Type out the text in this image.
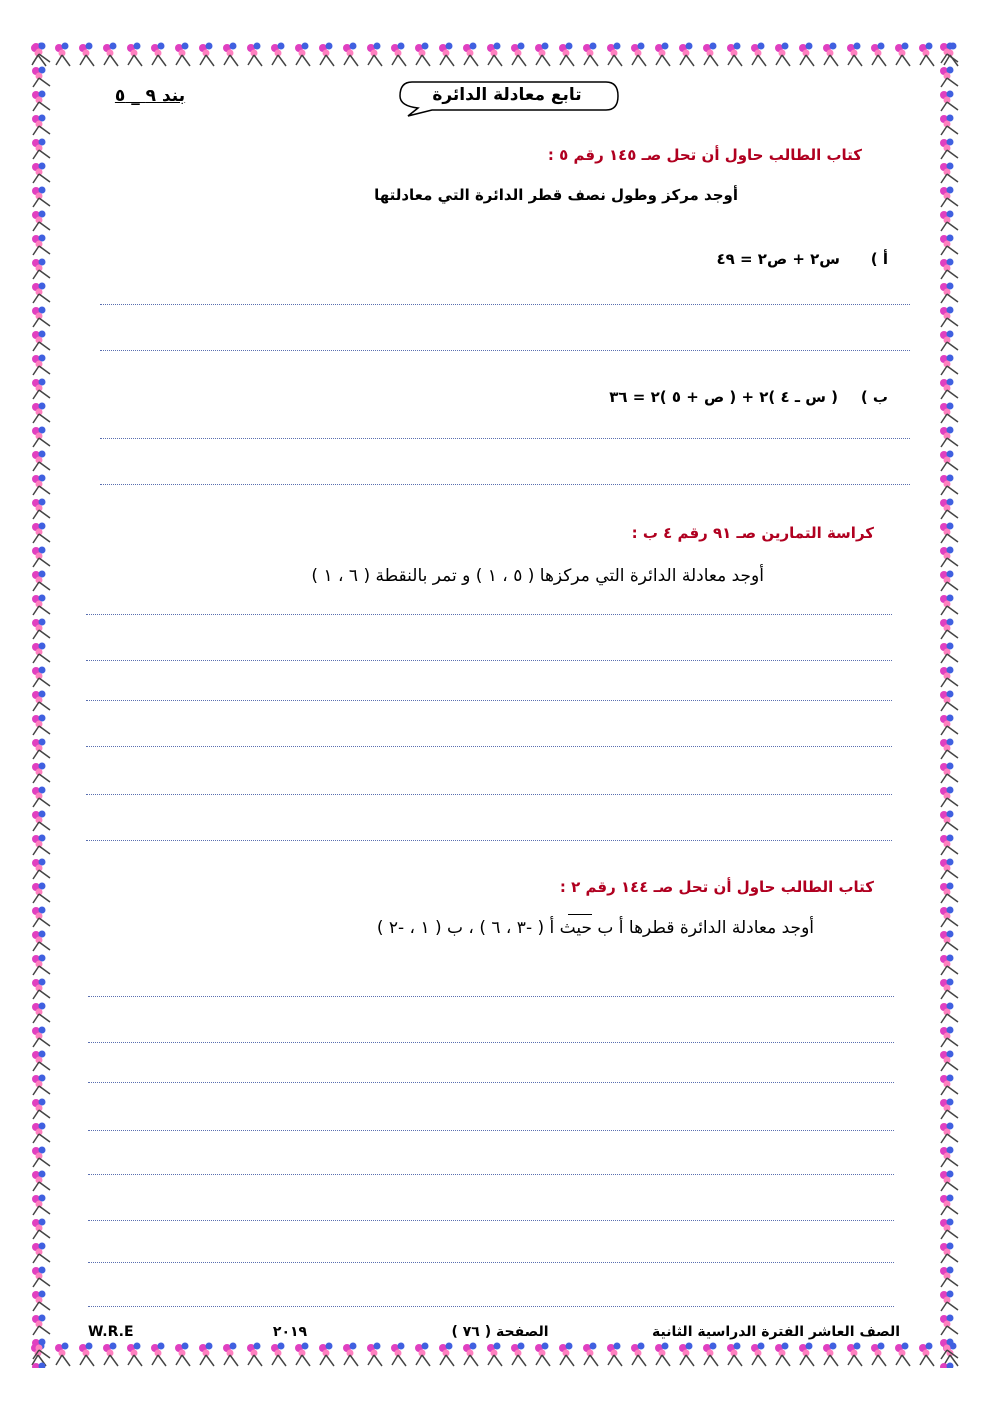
تابع معادلة الدائرة
بند ٩ _ ٥
كتاب الطالب حاول أن تحل صـ ١٤٥ رقم ٥ :
أوجد مركز وطول نصف قطر الدائرة التي معادلتها
أ )
س٢ + ص٢ = ٤٩
ب )
( س ـ ٤ )٢ + ( ص + ٥ )٢ = ٣٦
كراسة التمارين صـ ٩١ رقم ٤ ب :
أوجد معادلة الدائرة التي مركزها ( ٥ ، ١ ) و تمر بالنقطة ( ٦ ، ١ )
كتاب الطالب حاول أن تحل صـ ١٤٤ رقم ٢ :
أوجد معادلة الدائرة قطرها أ ب حيث أ ( -٣ ، ٦ ) ، ب ( ١ ، -٢ )
الصف العاشر الفترة الدراسية الثانية
الصفحة ( ٧٦ )
٢٠١٩
W.R.E
